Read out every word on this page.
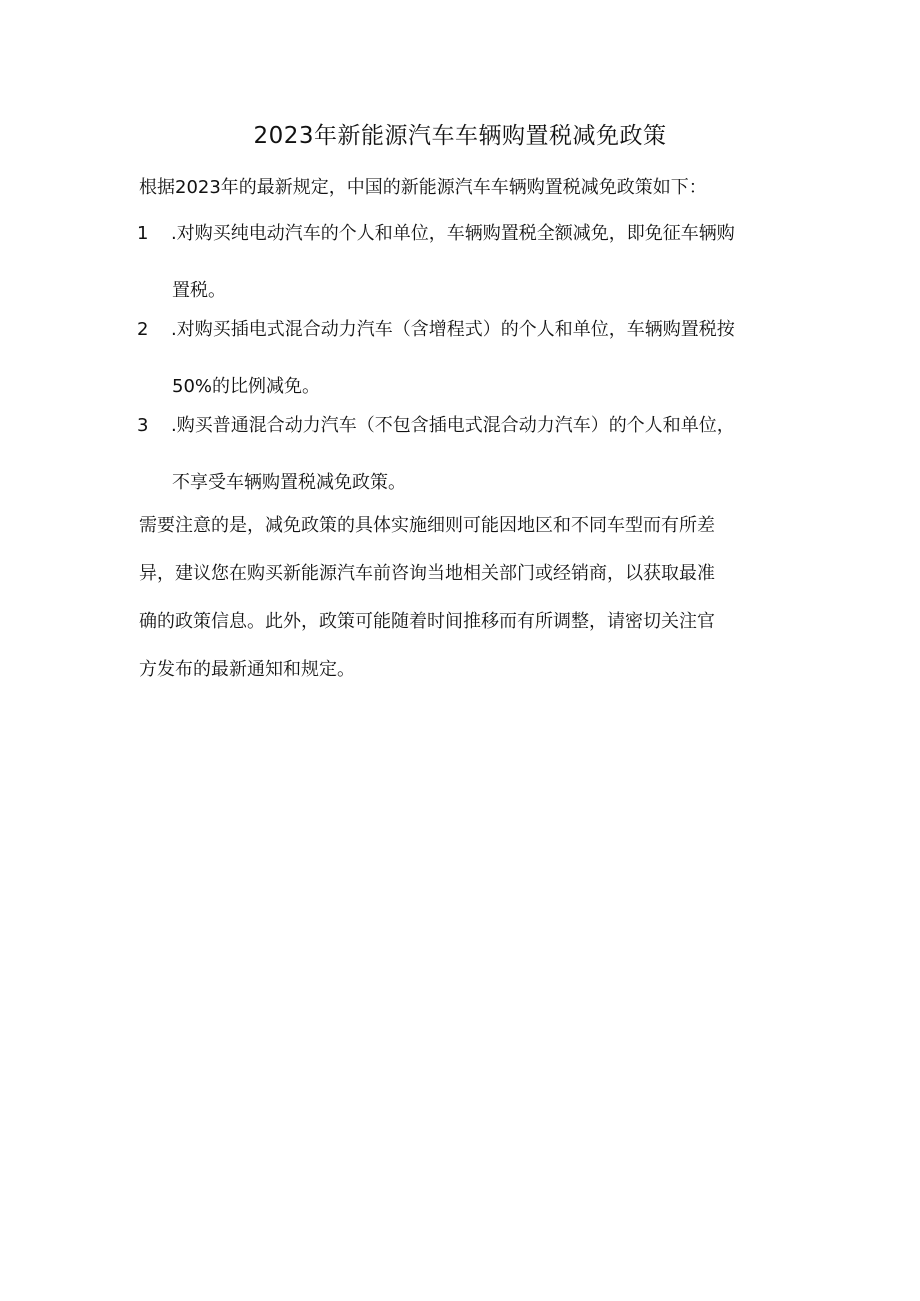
2023年新能源汽车车辆购置税减免政策
根据2023年的最新规定，中国的新能源汽车车辆购置税减免政策如下：
1 .对购买纯电动汽车的个人和单位，车辆购置税全额减免，即免征车辆购
置税。
2 .对购买插电式混合动力汽车（含增程式）的个人和单位，车辆购置税按
50%的比例减免。
3 .购买普通混合动力汽车（不包含插电式混合动力汽车）的个人和单位，
不享受车辆购置税减免政策。
需要注意的是，减免政策的具体实施细则可能因地区和不同车型而有所差
异，建议您在购买新能源汽车前咨询当地相关部门或经销商，以获取最准
确的政策信息。此外，政策可能随着时间推移而有所调整，请密切关注官
方发布的最新通知和规定。
